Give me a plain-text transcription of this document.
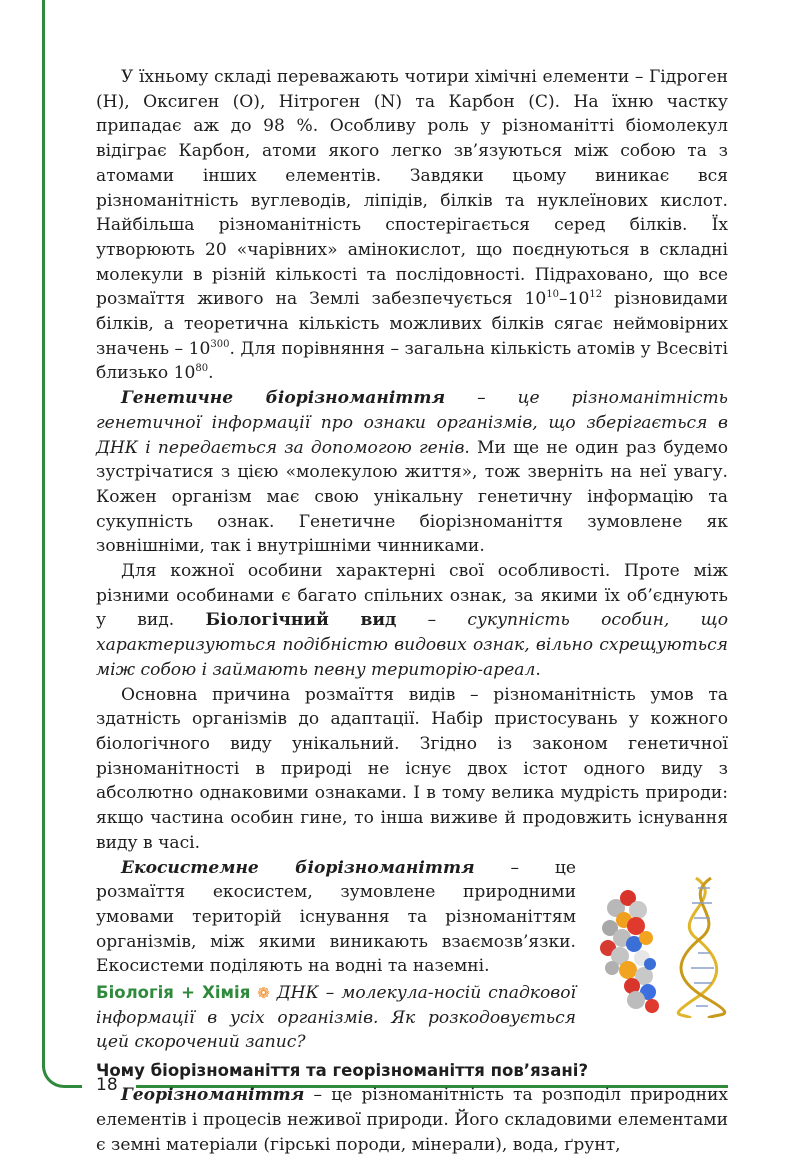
18

У їхньому складі переважають чотири хімічні елементи – Гідроген (H), Оксиген (O), Нітроген (N) та Карбон (C). На їхню частку припадає аж до 98 %. Особливу роль у різноманітті біомолекул відіграє Карбон, атоми якого легко зв’язуються між собою та з атомами інших елементів. Завдяки цьому виникає вся різноманітність вуглеводів, ліпідів, білків та нуклеїнових кислот. Найбільша різноманітність спостерігається серед білків. Їх утворюють 20 «чарівних» амінокислот, що поєднуються в складні молекули в різній кількості та послідовності. Підраховано, що все розмаїття живого на Землі забезпечується $10^{10}-10^{12}$ різновидами білків, а теоретична кількість можливих білків сягає неймовірних значень – $10^{300}$. Для порівняння – загальна кількість атомів у Всесвіті близько $10^{80}$.

Генетичне біорізноманіття – це різноманітність генетичної інформації про ознаки організмів, що зберігається в ДНК і передається за допомогою генів. Ми ще не один раз будемо зустрічатися з цією «молекулою життя», тож зверніть на неї увагу. Кожен організм має свою унікальну генетичну інформацію та сукупність ознак. Генетичне біорізноманіття зумовлене як зовнішніми, так і внутрішніми чинниками.

Для кожної особини характерні свої особливості. Проте між різними особинами є багато спільних ознак, за якими їх об’єднують у вид. Біологічний вид – сукупність особин, що характеризуються подібністю видових ознак, вільно схрещуються між собою і займають певну територію-ареал.

Основна причина розмаїття видів – різноманітність умов та здатність організмів до адаптації. Набір пристосувань у кожного біологічного виду унікальний. Згідно із законом генетичної різноманітності в природі не існує двох істот одного виду з абсолютно однаковими ознаками. І в тому велика мудрість природи: якщо частина особин гине, то інша виживе й продовжить існування виду в часі.

Екосистемне біорізноманіття – це розмаїття екосистем, зумовлене природними умовами територій існування та різноманіттям організмів, між якими виникають взаємозв’язки. Екосистеми поділяють на водні та наземні.

Біологія + Хімія ❁ ДНК – молекула-носій спадкової інформації в усіх організмів. Як розкодовується цей скорочений запис?

Чому біорізноманіття та георізноманіття пов’язані?

Георізноманіття – це різноманітність та розподіл природних елементів і процесів неживої природи. Його складовими елементами є земні матеріали (гірські породи, мінерали), вода, ґрунт,
